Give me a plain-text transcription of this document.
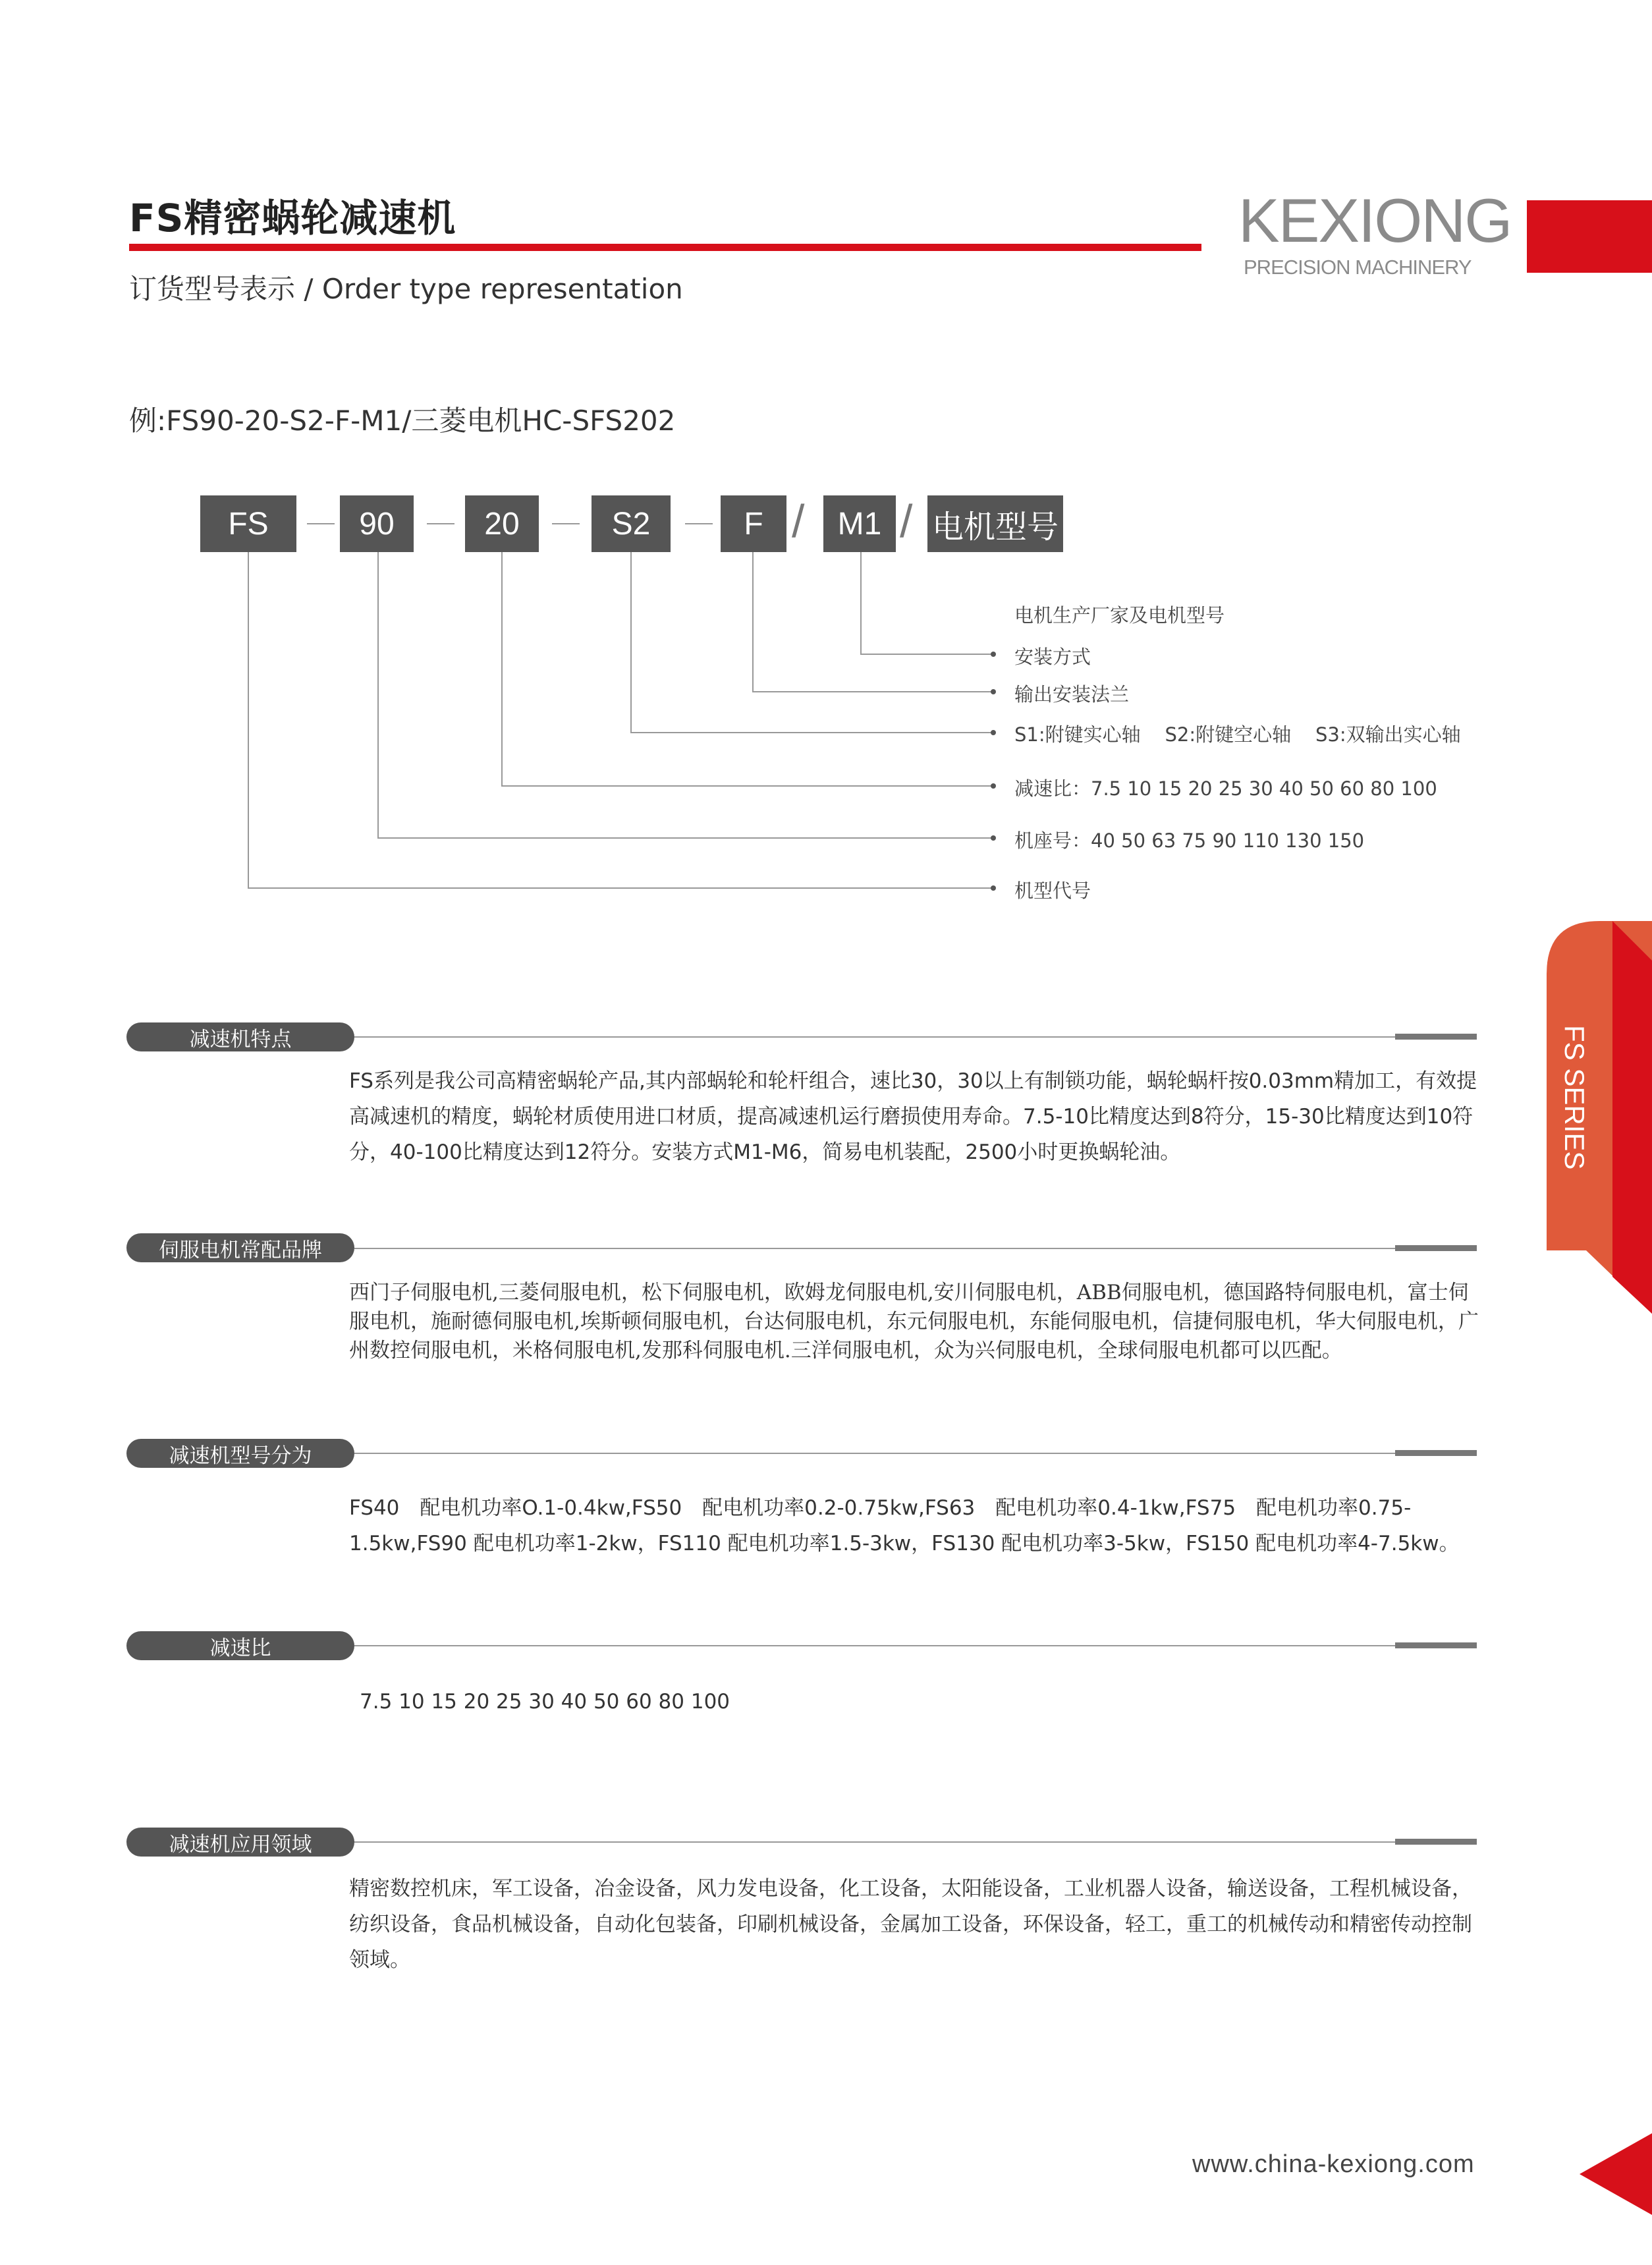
FS精密蜗轮减速机
订货型号表示 / Order type representation
KEXIONG
PRECISION MACHINERY
例:FS90-20-S2-F-M1/三菱电机HC-SFS202
FS	90	20	S2	F /	M1 / 电机型号
电机生产厂家及电机型号
安装方式
输出安装法兰
S1:附键实心轴    S2:附键空心轴    S3:双输出实心轴
减速比：7.5 10 15 20 25 30 40 50 60 80 100
机座号：40 50 63 75 90 110 130 150
机型代号
FS SERIES
减速机特点
FS系列是我公司高精密蜗轮产品,其内部蜗轮和轮杆组合，速比30，30以上有制锁功能，蜗轮蜗杆按0.03mm精加工，有效提高减速机的精度，蜗轮材质使用进口材质，提高减速机运行磨损使用寿命。7.5-10比精度达到8符分，15-30比精度达到10符分，40-100比精度达到12符分。安装方式M1-M6，简易电机装配，2500小时更换蜗轮油。
伺服电机常配品牌
西门子伺服电机,三菱伺服电机，松下伺服电机，欧姆龙伺服电机,安川伺服电机，ABB伺服电机，德国路特伺服电机，富士伺服电机，施耐德伺服电机,埃斯顿伺服电机，台达伺服电机，东元伺服电机，东能伺服电机，信捷伺服电机，华大伺服电机，广州数控伺服电机，米格伺服电机,发那科伺服电机.三洋伺服电机，众为兴伺服电机，全球伺服电机都可以匹配。
减速机型号分为
FS40　配电机功率O.1-0.4kw,FS50　配电机功率0.2-0.75kw,FS63　配电机功率0.4-1kw,FS75　配电机功率0.75-1.5kw,FS90 配电机功率1-2kw，FS110 配电机功率1.5-3kw，FS130 配电机功率3-5kw，FS150 配电机功率4-7.5kw。
减速比
7.5 10 15 20 25 30 40 50 60 80 100
减速机应用领域
精密数控机床，军工设备，冶金设备，风力发电设备，化工设备，太阳能设备，工业机器人设备，输送设备，工程机械设备，纺织设备，食品机械设备，自动化包装备，印刷机械设备，金属加工设备，环保设备，轻工，重工的机械传动和精密传动控制领域。
www.china-kexiong.com
